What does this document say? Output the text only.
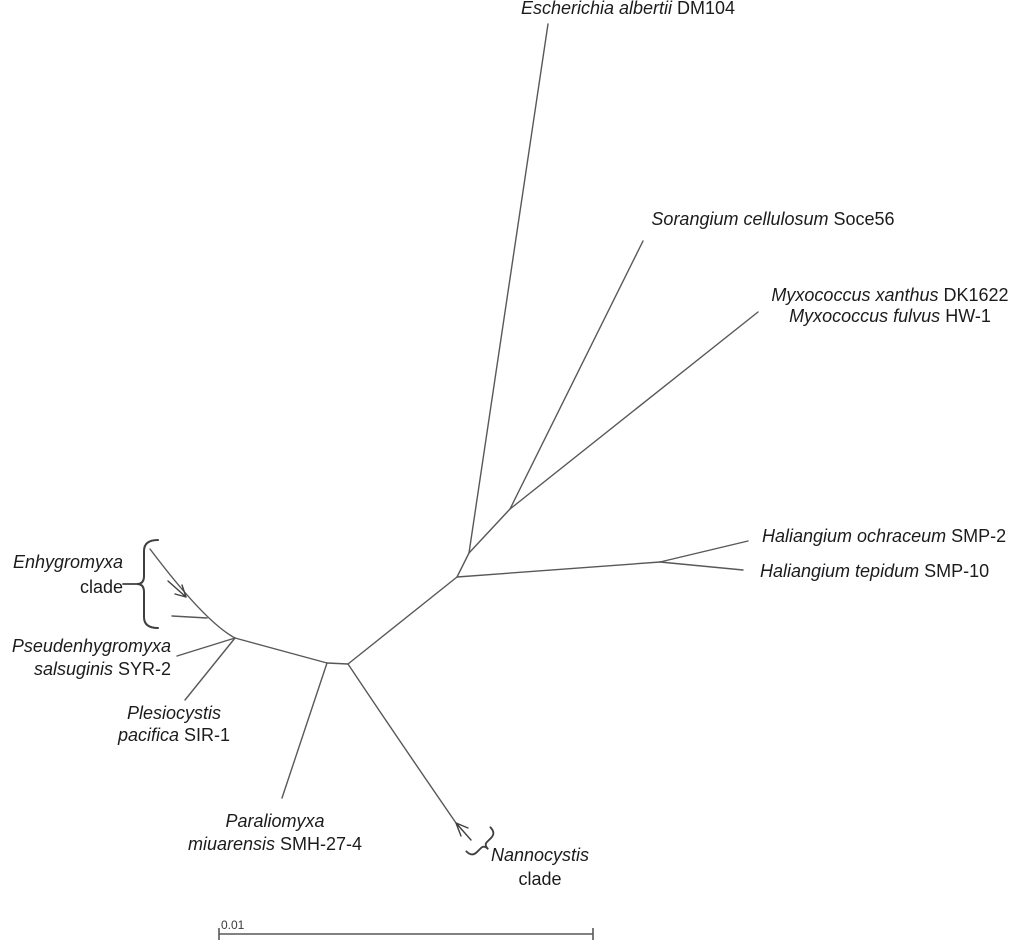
Escherichia albertii DM104
Sorangium cellulosum Soce56
Myxococcus xanthus DK1622
Myxococcus fulvus HW-1
Haliangium ochraceum SMP-2
Haliangium tepidum SMP-10
Enhygromyxa
clade
Pseudenhygromyxa
salsuginis SYR-2
Plesiocystis
pacifica SIR-1
Paraliomyxa
miuarensis SMH-27-4
Nannocystis
clade
0.01
